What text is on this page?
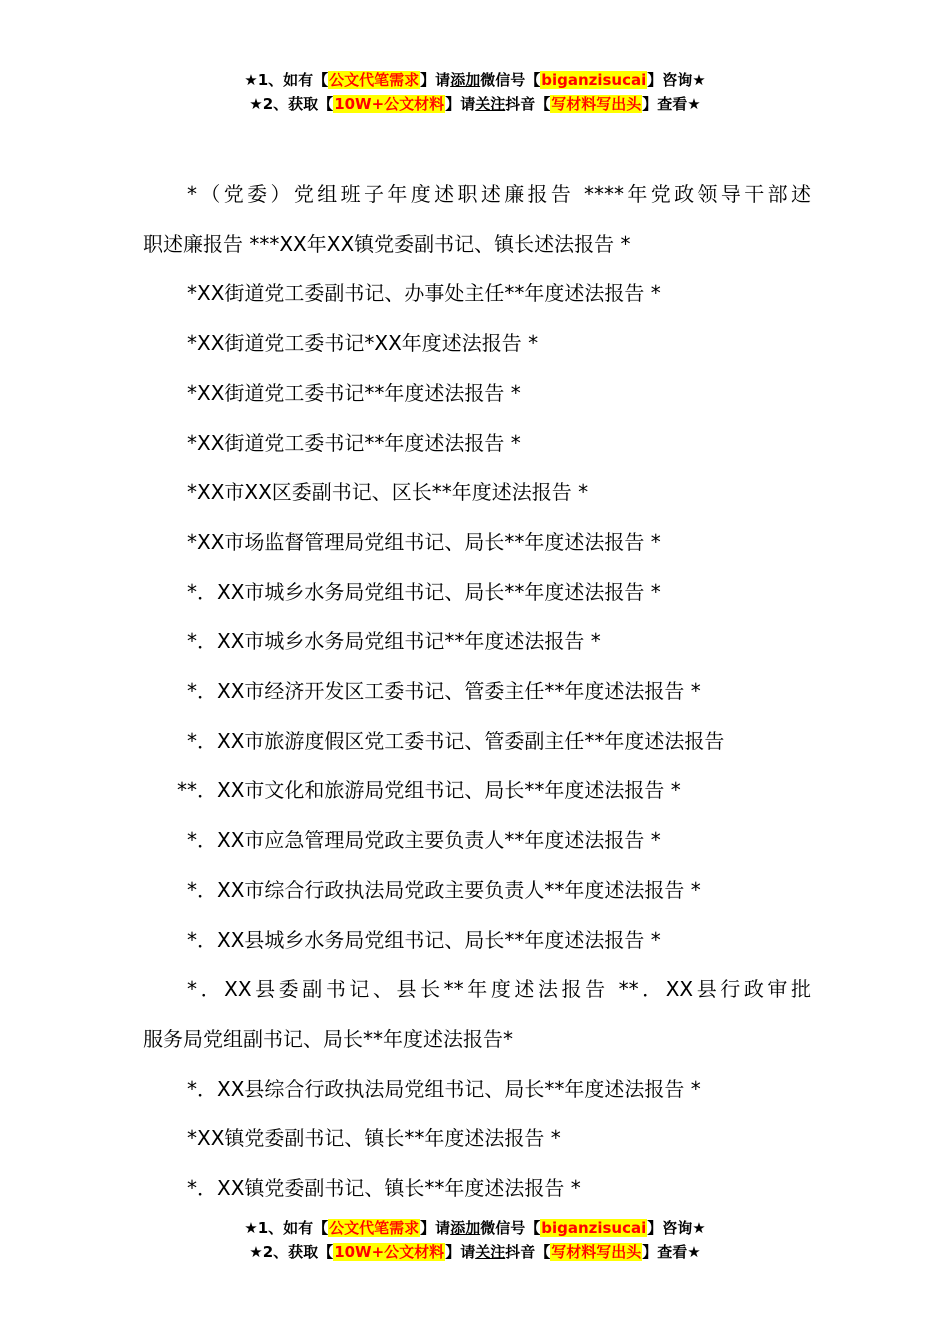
★1、如有【公文代笔需求】请添加微信号【biganzisucai】咨询★
★2、获取【10W+公文材料】请关注抖音【写材料写出头】查看★

*（党委）党组班子年度述职述廉报告 ****年党政领导干部述

职述廉报告 ***XX年XX镇党委副书记、镇长述法报告 *

*XX街道党工委副书记、办事处主任**年度述法报告 *

*XX街道党工委书记*XX年度述法报告 *

*XX街道党工委书记**年度述法报告 *

*XX街道党工委书记**年度述法报告 *

*XX市XX区委副书记、区长**年度述法报告 *

*XX市场监督管理局党组书记、局长**年度述法报告 *

*．XX市城乡水务局党组书记、局长**年度述法报告 *

*．XX市城乡水务局党组书记**年度述法报告 *

*．XX市经济开发区工委书记、管委主任**年度述法报告 *

*．XX市旅游度假区党工委书记、管委副主任**年度述法报告

**．XX市文化和旅游局党组书记、局长**年度述法报告 *

*．XX市应急管理局党政主要负责人**年度述法报告 *

*．XX市综合行政执法局党政主要负责人**年度述法报告 *

*．XX县城乡水务局党组书记、局长**年度述法报告 *

*．XX县委副书记、县长**年度述法报告 **．XX县行政审批

服务局党组副书记、局长**年度述法报告*

*．XX县综合行政执法局党组书记、局长**年度述法报告 *

*XX镇党委副书记、镇长**年度述法报告 *

*．XX镇党委副书记、镇长**年度述法报告 *

★1、如有【公文代笔需求】请添加微信号【biganzisucai】咨询★
★2、获取【10W+公文材料】请关注抖音【写材料写出头】查看★
